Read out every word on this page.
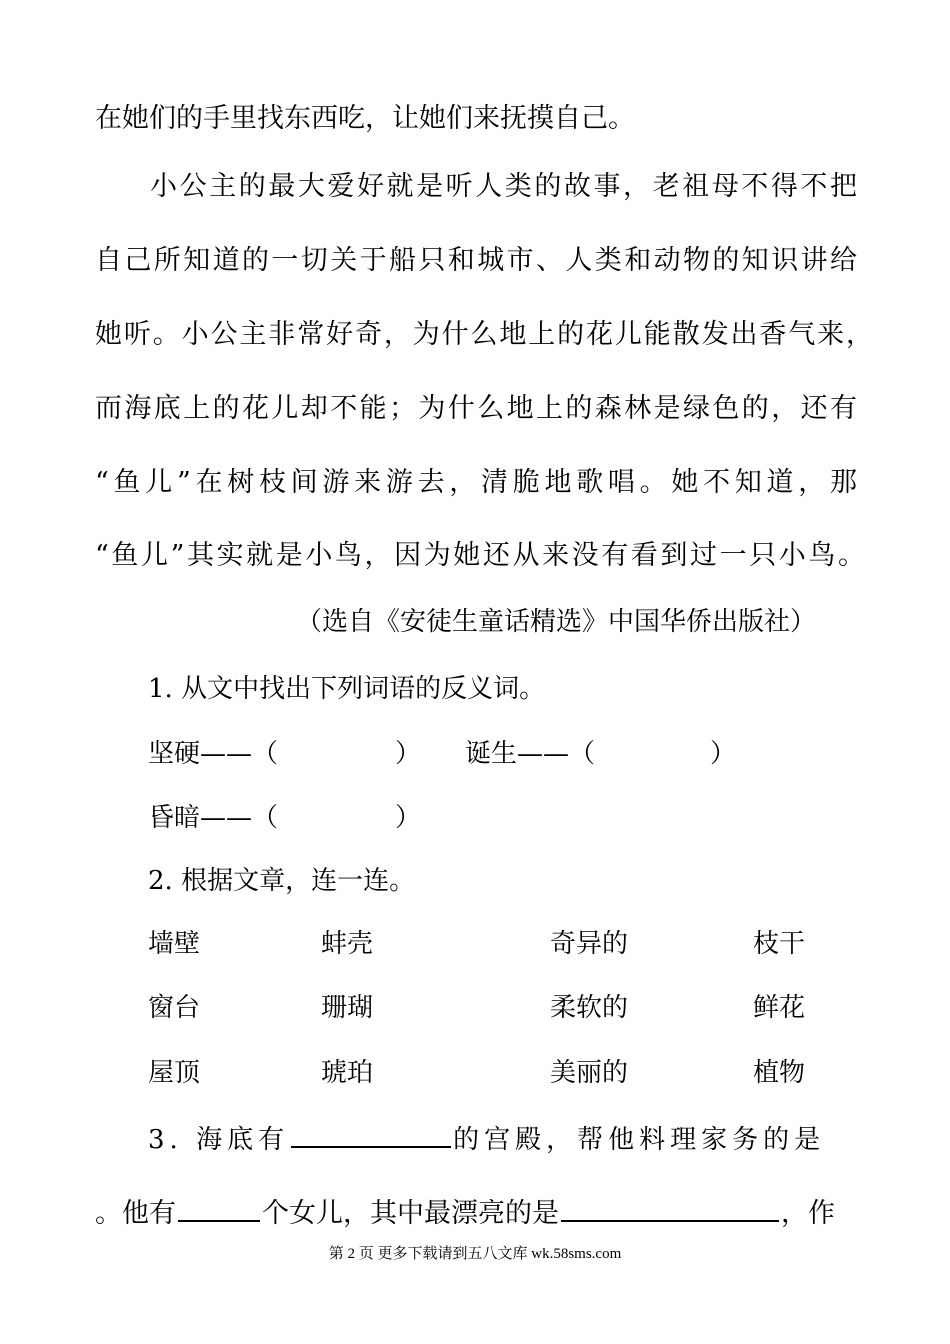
在她们的手里找东西吃，让她们来抚摸自己。
小公主的最大爱好就是听人类的故事，老祖母不得不把
自己所知道的一切关于船只和城市、人类和动物的知识讲给
她听。小公主非常好奇，为什么地上的花儿能散发出香气来，
而海底上的花儿却不能；为什么地上的森林是绿色的，还有
“鱼儿”在树枝间游来游去，清脆地歌唱。她不知道，那
“鱼儿”其实就是小鸟，因为她还从来没有看到过一只小鸟。
（选自《安徒生童话精选》中国华侨出版社）
1. 从文中找出下列词语的反义词。
坚硬——（	） 诞生——（	）
昏暗——（	）
2. 根据文章，连一连。
墙壁	蚌壳	奇异的	枝干
窗台	珊瑚	柔软的	鲜花
屋顶	琥珀	美丽的	植物
3. 海底有	的宫殿，帮他料理家务的是
。他有	个女儿，其中最漂亮的是	，作
第 2 页 更多下载请到五八文库 wk.58sms.com
